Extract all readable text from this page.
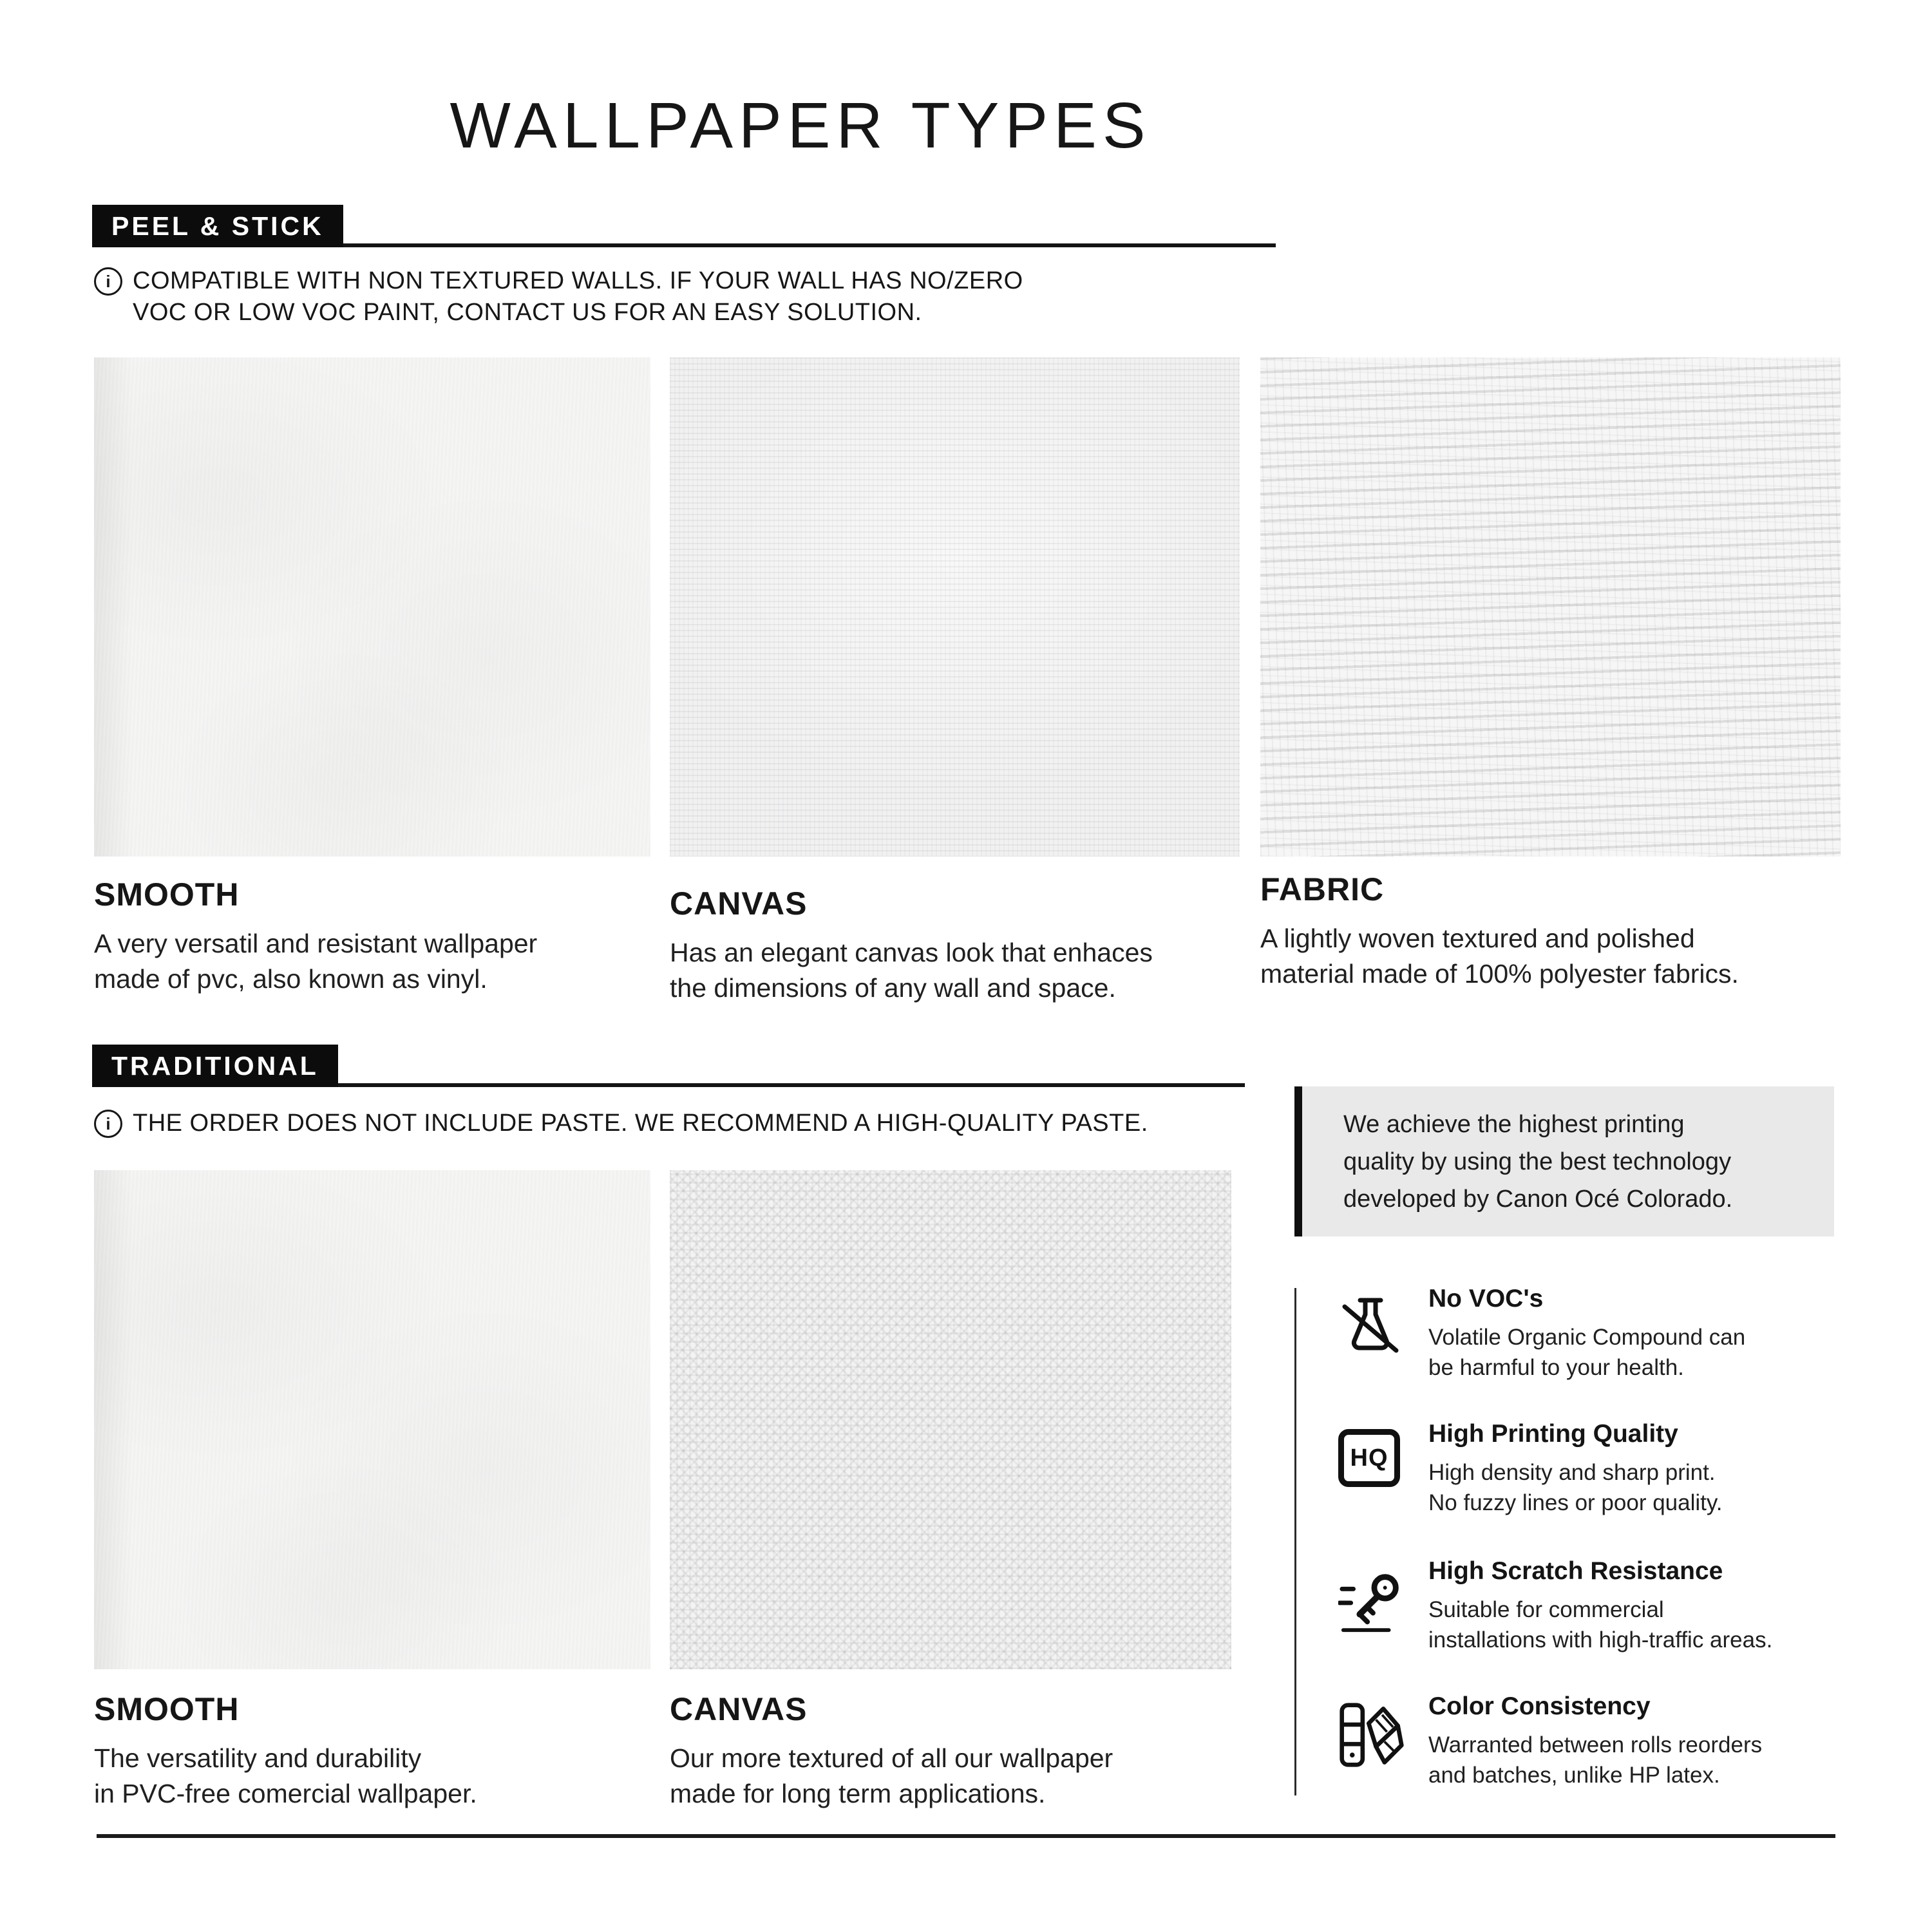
WALLPAPER TYPES
PEEL & STICK
i COMPATIBLE WITH NON TEXTURED WALLS. IF YOUR WALL HAS NO/ZERO
VOC OR LOW VOC PAINT, CONTACT US FOR AN EASY SOLUTION.

SMOOTH

A very versatil and resistant wallpaper
made of pvc, also known as vinyl.

CANVAS

Has an elegant canvas look that enhaces
the dimensions of any wall and space.

FABRIC

A lightly woven textured and polished
material made of 100% polyester fabrics.
TRADITIONAL
i THE ORDER DOES NOT INCLUDE PASTE. WE RECOMMEND A HIGH-QUALITY PASTE.

SMOOTH

The versatility and durability
in PVC-free comercial wallpaper.

CANVAS

Our more textured of all our wallpaper
made for long term applications.
We achieve the highest printing
quality by using the best technology
developed by Canon Océ Colorado.

No VOC's

Volatile Organic Compound can
be harmful to your health.
HQ

High Printing Quality

High density and sharp print.
No fuzzy lines or poor quality.

High Scratch Resistance

Suitable for commercial
installations with high-traffic areas.

Color Consistency

Warranted between rolls reorders
and batches, unlike HP latex.
